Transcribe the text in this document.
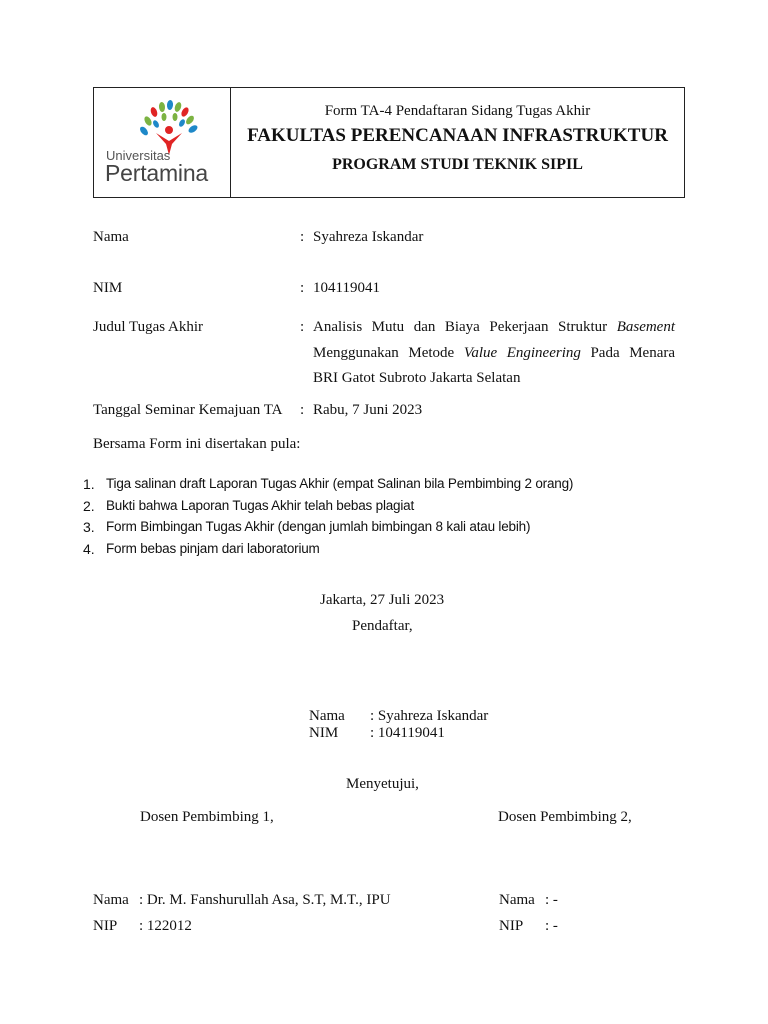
Universitas
Pertamina
Form TA-4 Pendaftaran Sidang Tugas Akhir
FAKULTAS PERENCANAAN INFRASTRUKTUR
PROGRAM STUDI TEKNIK SIPIL
Nama	: Syahreza Iskandar
NIM	: 104119041
Judul Tugas Akhir	: Analisis Mutu dan Biaya Pekerjaan Struktur Basement
Menggunakan Metode Value Engineering Pada Menara
BRI Gatot Subroto Jakarta Selatan
Tanggal Seminar Kemajuan TA : Rabu, 7 Juni 2023
Bersama Form ini disertakan pula:
1. Tiga salinan draft Laporan Tugas Akhir (empat Salinan bila Pembimbing 2 orang)
2. Bukti bahwa Laporan Tugas Akhir telah bebas plagiat
3. Form Bimbingan Tugas Akhir (dengan jumlah bimbingan 8 kali atau lebih)
4. Form bebas pinjam dari laboratorium
Jakarta, 27 Juli 2023
Pendaftar,
Nama : Syahreza Iskandar
NIM : 104119041
Menyetujui,
Dosen Pembimbing 1,	Dosen Pembimbing 2,
Nama : Dr. M. Fanshurullah Asa, S.T, M.T., IPU
NIP : 122012
Nama : -
NIP : -
